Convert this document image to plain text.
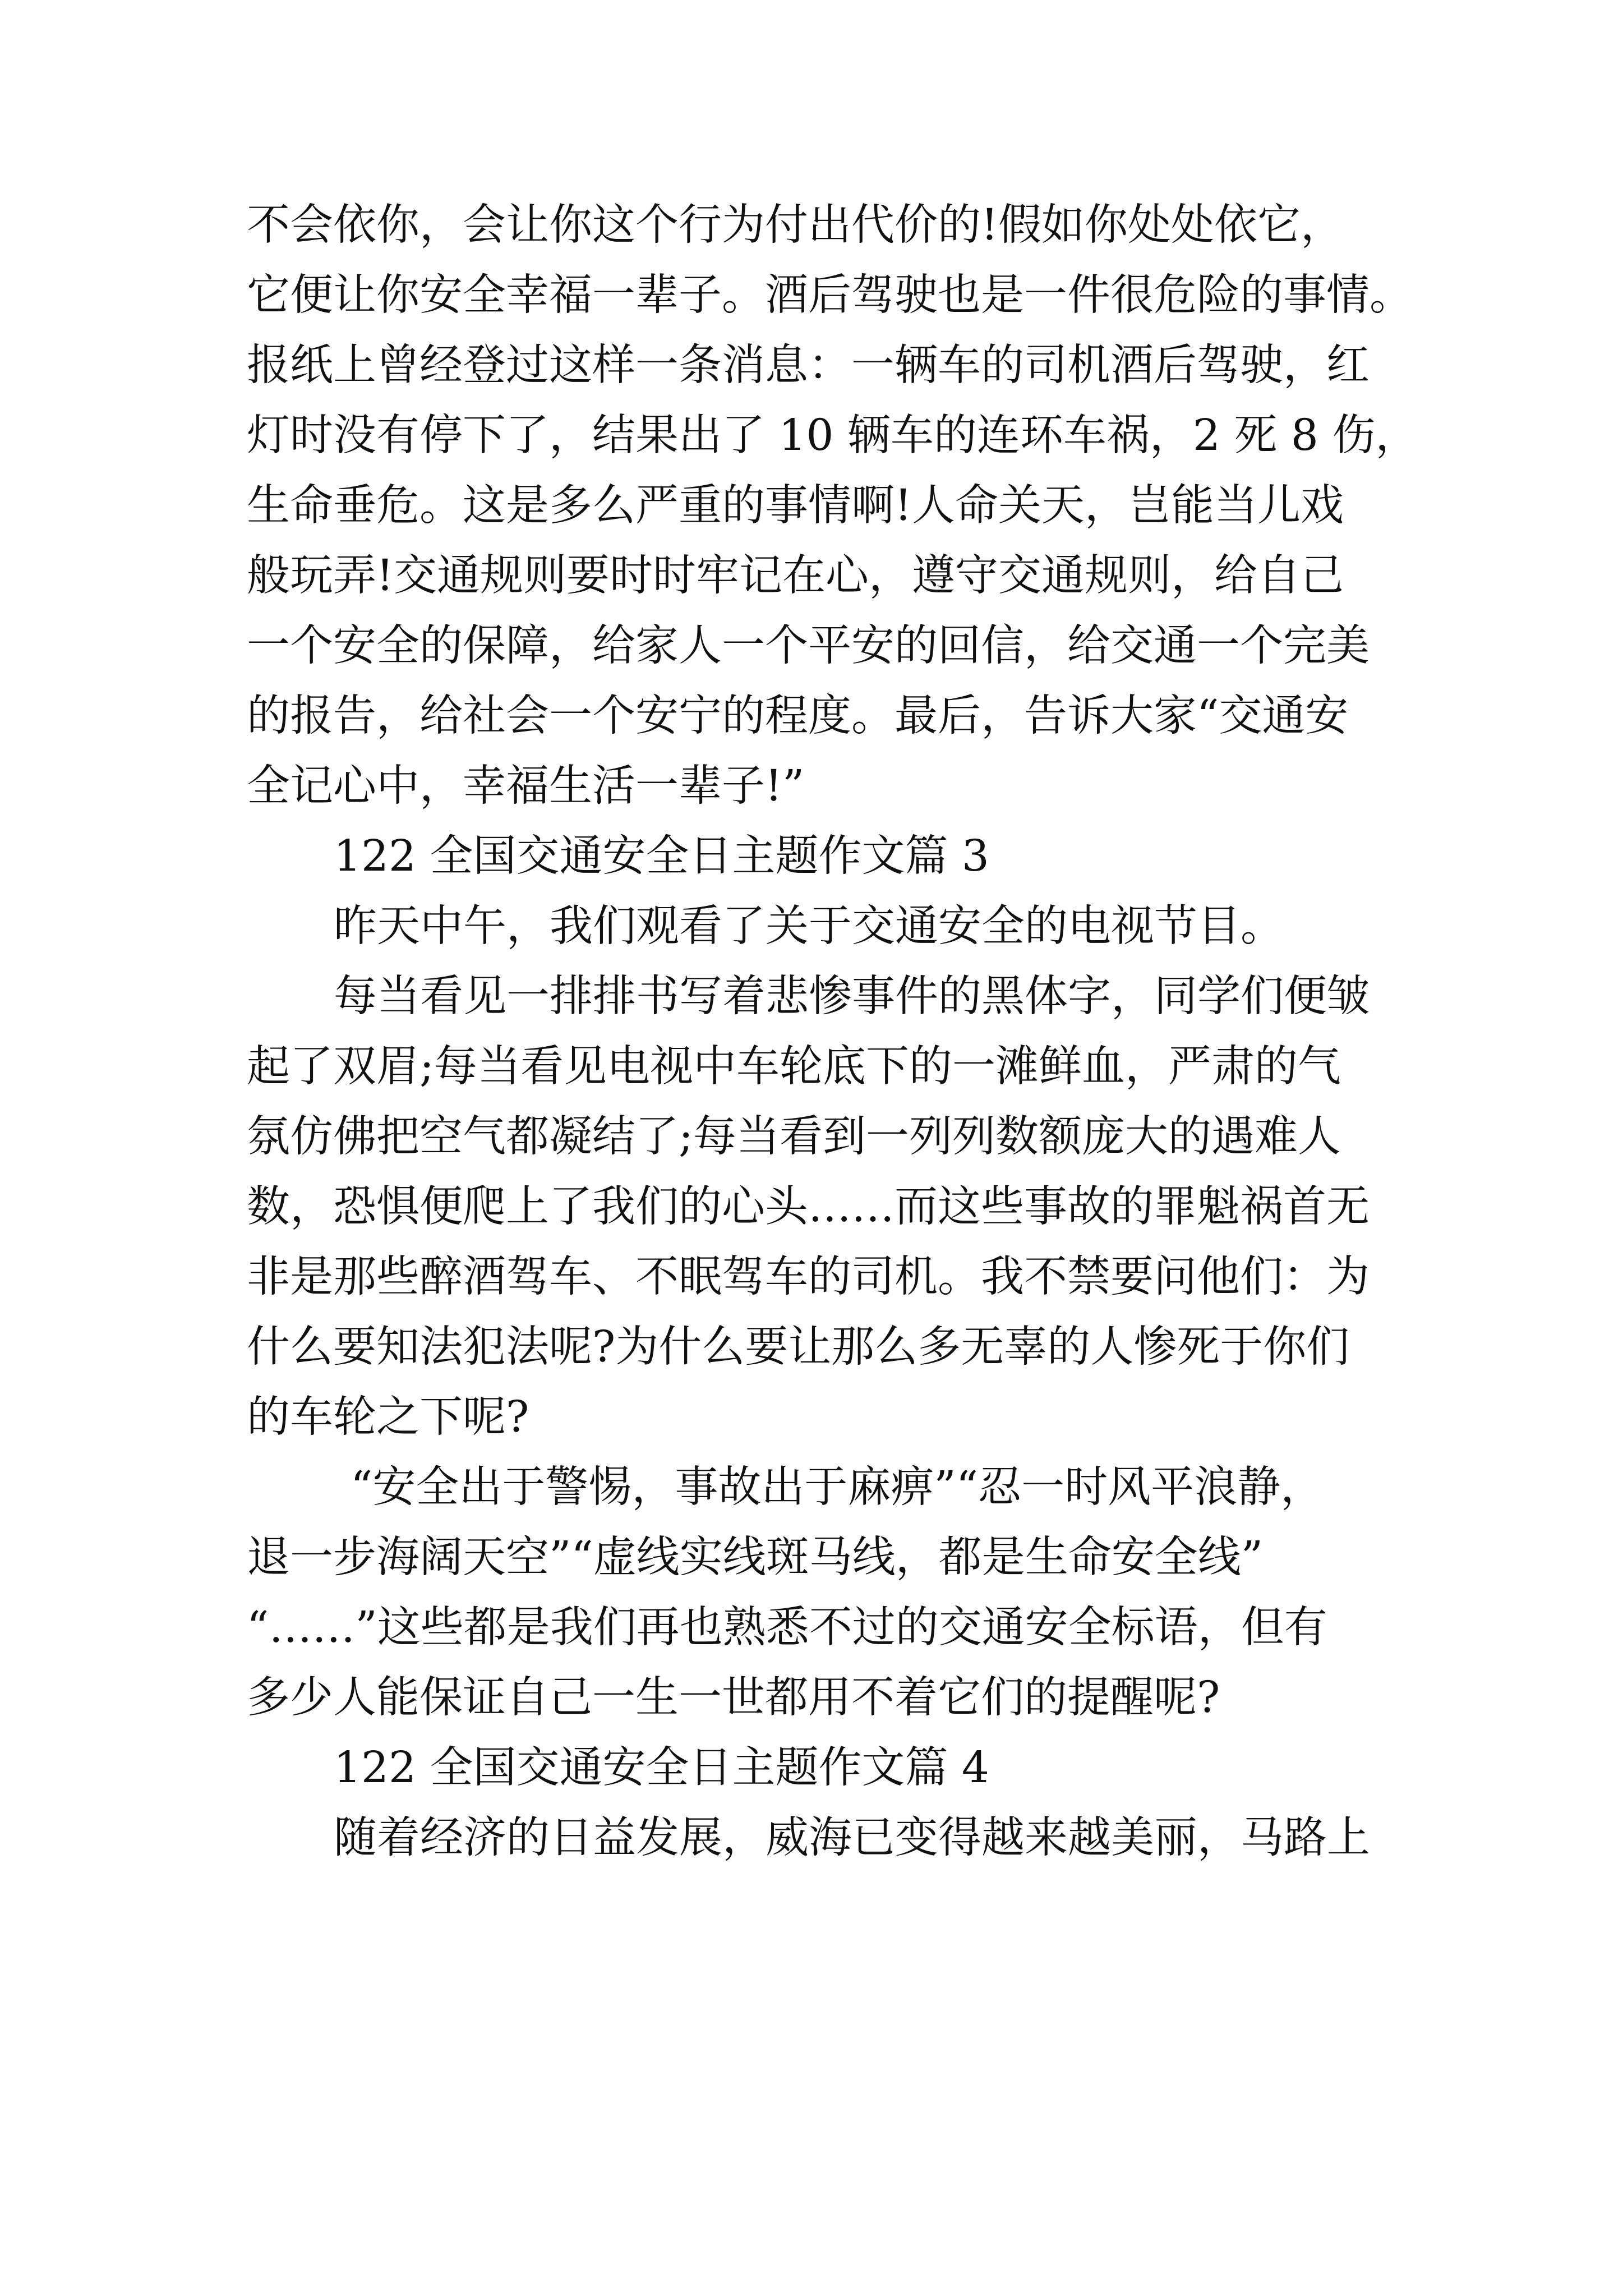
不会依你，会让你这个行为付出代价的!假如你处处依它，
它便让你安全幸福一辈子。酒后驾驶也是一件很危险的事情。
报纸上曾经登过这样一条消息：一辆车的司机酒后驾驶，红
灯时没有停下了，结果出了 10 辆车的连环车祸，2 死 8 伤，
生命垂危。这是多么严重的事情啊!人命关天，岂能当儿戏
般玩弄!交通规则要时时牢记在心，遵守交通规则，给自己
一个安全的保障，给家人一个平安的回信，给交通一个完美
的报告，给社会一个安宁的程度。最后，告诉大家“交通安
全记心中，幸福生活一辈子!”
122 全国交通安全日主题作文篇 3
昨天中午，我们观看了关于交通安全的电视节目。
每当看见一排排书写着悲惨事件的黑体字，同学们便皱
起了双眉;每当看见电视中车轮底下的一滩鲜血，严肃的气
氛仿佛把空气都凝结了;每当看到一列列数额庞大的遇难人
数，恐惧便爬上了我们的心头……而这些事故的罪魁祸首无
非是那些醉酒驾车、不眠驾车的司机。我不禁要问他们：为
什么要知法犯法呢?为什么要让那么多无辜的人惨死于你们
的车轮之下呢?
“安全出于警惕，事故出于麻痹”“忍一时风平浪静，
退一步海阔天空”“虚线实线斑马线，都是生命安全线”
“……”这些都是我们再也熟悉不过的交通安全标语，但有
多少人能保证自己一生一世都用不着它们的提醒呢?
122 全国交通安全日主题作文篇 4
随着经济的日益发展，威海已变得越来越美丽，马路上
